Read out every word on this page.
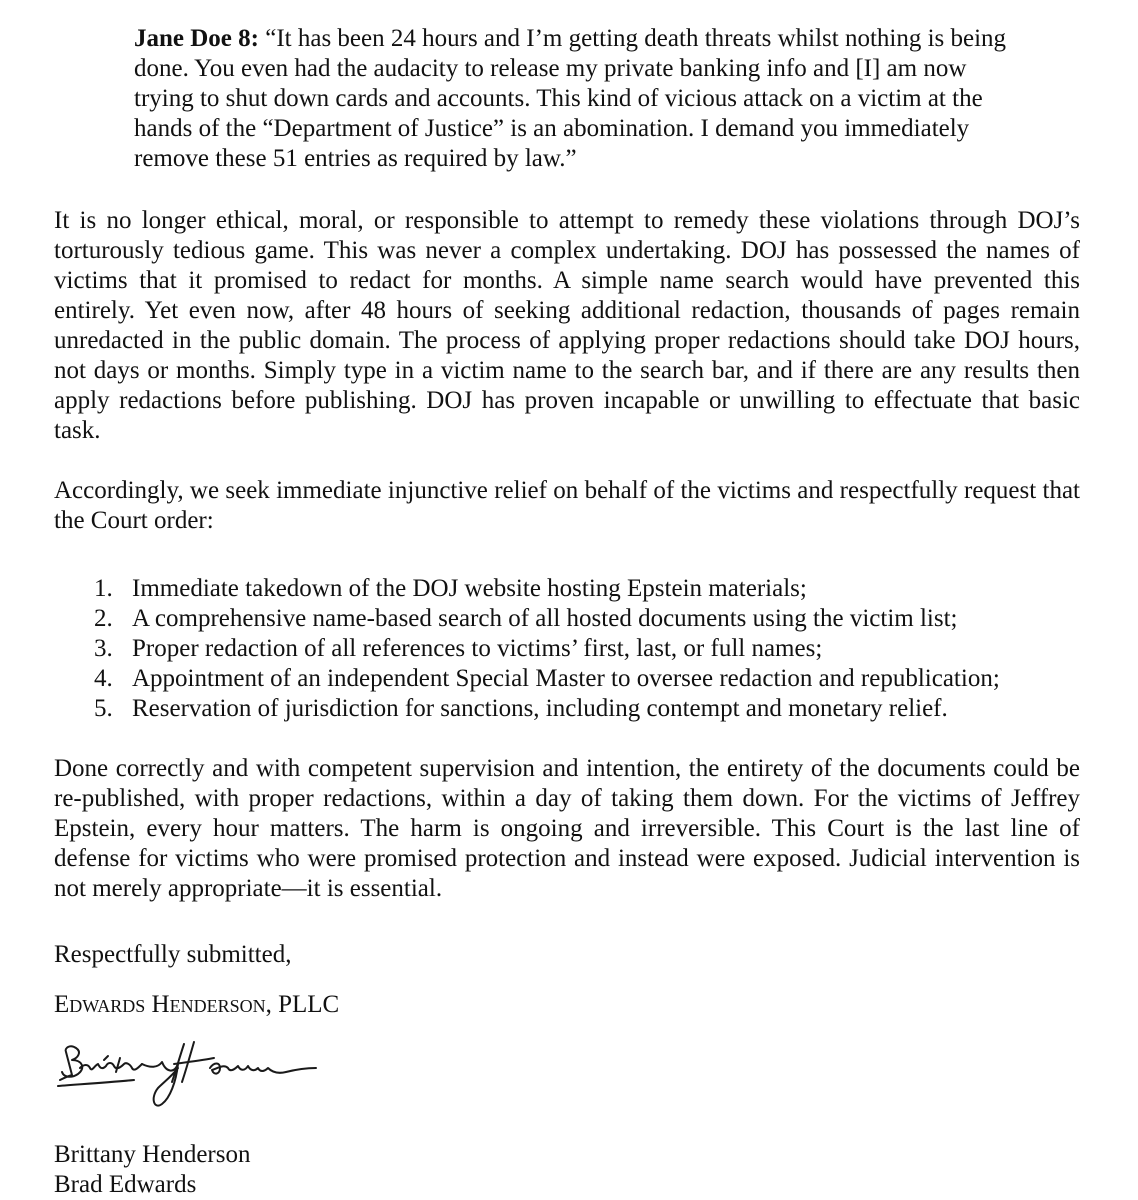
Jane Doe 8: “It has been 24 hours and I’m getting death threats whilst nothing is being done. You even had the audacity to release my private banking info and [I] am now trying to shut down cards and accounts. This kind of vicious attack on a victim at the hands of the “Department of Justice” is an abomination. I demand you immediately remove these 51 entries as required by law.”

It is no longer ethical, moral, or responsible to attempt to remedy these violations through DOJ’s torturously tedious game. This was never a complex undertaking. DOJ has possessed the names of victims that it promised to redact for months. A simple name search would have prevented this entirely. Yet even now, after 48 hours of seeking additional redaction, thousands of pages remain unredacted in the public domain. The process of applying proper redactions should take DOJ hours, not days or months. Simply type in a victim name to the search bar, and if there are any results then apply redactions before publishing. DOJ has proven incapable or unwilling to effectuate that basic task.

Accordingly, we seek immediate injunctive relief on behalf of the victims and respectfully request that the Court order:

1. Immediate takedown of the DOJ website hosting Epstein materials;
2. A comprehensive name-based search of all hosted documents using the victim list;
3. Proper redaction of all references to victims’ first, last, or full names;
4. Appointment of an independent Special Master to oversee redaction and republication;
5. Reservation of jurisdiction for sanctions, including contempt and monetary relief.

Done correctly and with competent supervision and intention, the entirety of the documents could be re-published, with proper redactions, within a day of taking them down. For the victims of Jeffrey Epstein, every hour matters. The harm is ongoing and irreversible. This Court is the last line of defense for victims who were promised protection and instead were exposed. Judicial intervention is not merely appropriate—it is essential.

Respectfully submitted,

Edwards Henderson, PLLC

Brittany Henderson
Brad Edwards
